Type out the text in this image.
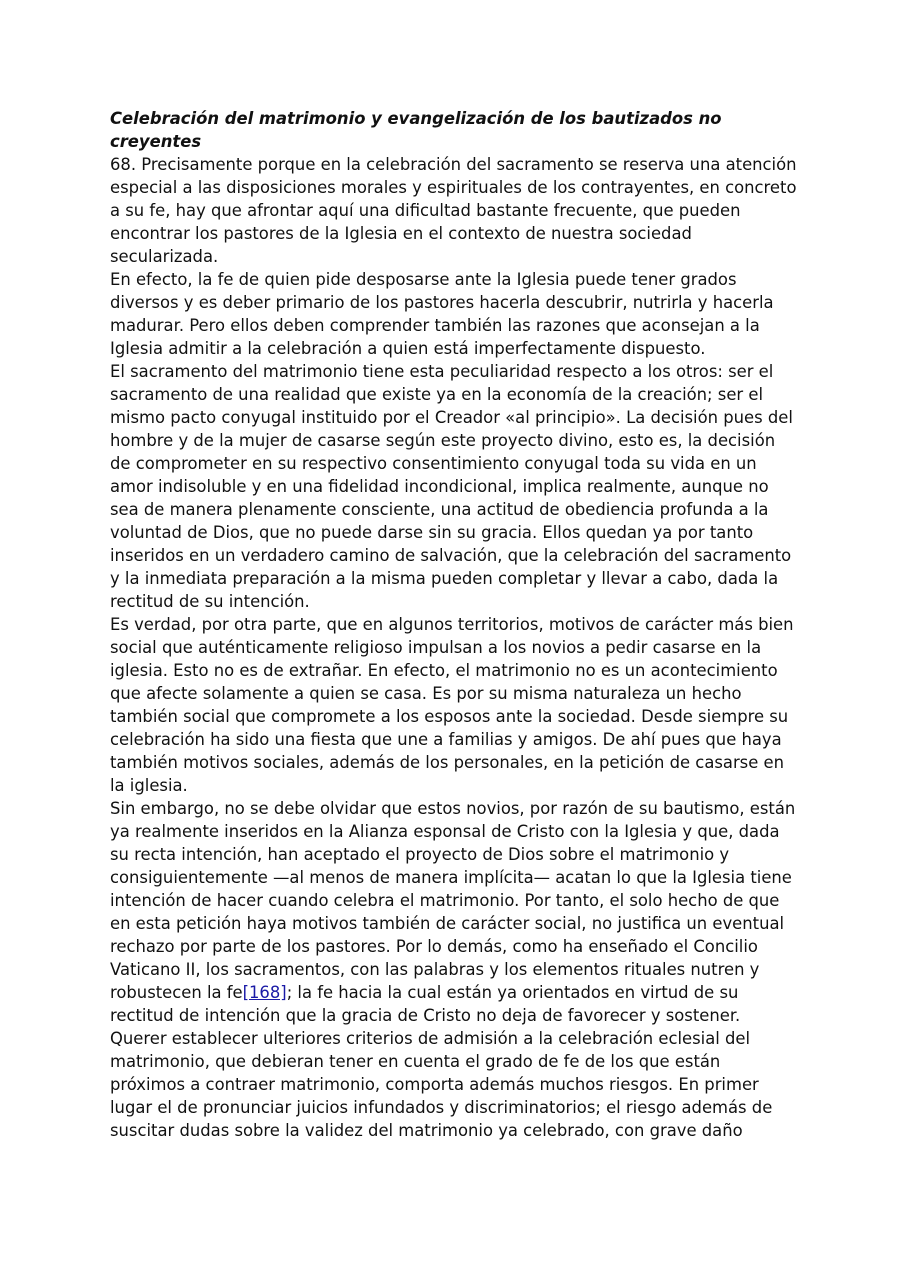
Celebración del matrimonio y evangelización de los bautizados no creyentes

68. Precisamente porque en la celebración del sacramento se reserva una atención especial a las disposiciones morales y espirituales de los contrayentes, en concreto a su fe, hay que afrontar aquí una dificultad bastante frecuente, que pueden encontrar los pastores de la Iglesia en el contexto de nuestra sociedad secularizada.

En efecto, la fe de quien pide desposarse ante la Iglesia puede tener grados diversos y es deber primario de los pastores hacerla descubrir, nutrirla y hacerla madurar. Pero ellos deben comprender también las razones que aconsejan a la Iglesia admitir a la celebración a quien está imperfectamente dispuesto.

El sacramento del matrimonio tiene esta peculiaridad respecto a los otros: ser el sacramento de una realidad que existe ya en la economía de la creación; ser el mismo pacto conyugal instituido por el Creador «al principio». La decisión pues del hombre y de la mujer de casarse según este proyecto divino, esto es, la decisión de comprometer en su respectivo consentimiento conyugal toda su vida en un amor indisoluble y en una fidelidad incondicional, implica realmente, aunque no sea de manera plenamente consciente, una actitud de obediencia profunda a la voluntad de Dios, que no puede darse sin su gracia. Ellos quedan ya por tanto inseridos en un verdadero camino de salvación, que la celebración del sacramento y la inmediata preparación a la misma pueden completar y llevar a cabo, dada la rectitud de su intención.

Es verdad, por otra parte, que en algunos territorios, motivos de carácter más bien social que auténticamente religioso impulsan a los novios a pedir casarse en la iglesia. Esto no es de extrañar. En efecto, el matrimonio no es un acontecimiento que afecte solamente a quien se casa. Es por su misma naturaleza un hecho también social que compromete a los esposos ante la sociedad. Desde siempre su celebración ha sido una fiesta que une a familias y amigos. De ahí pues que haya también motivos sociales, además de los personales, en la petición de casarse en la iglesia.

Sin embargo, no se debe olvidar que estos novios, por razón de su bautismo, están ya realmente inseridos en la Alianza esponsal de Cristo con la Iglesia y que, dada su recta intención, han aceptado el proyecto de Dios sobre el matrimonio y consiguientemente —al menos de manera implícita— acatan lo que la Iglesia tiene intención de hacer cuando celebra el matrimonio. Por tanto, el solo hecho de que en esta petición haya motivos también de carácter social, no justifica un eventual rechazo por parte de los pastores. Por lo demás, como ha enseñado el Concilio Vaticano II, los sacramentos, con las palabras y los elementos rituales nutren y robustecen la fe[168]; la fe hacia la cual están ya orientados en virtud de su rectitud de intención que la gracia de Cristo no deja de favorecer y sostener.

Querer establecer ulteriores criterios de admisión a la celebración eclesial del matrimonio, que debieran tener en cuenta el grado de fe de los que están próximos a contraer matrimonio, comporta además muchos riesgos. En primer lugar el de pronunciar juicios infundados y discriminatorios; el riesgo además de suscitar dudas sobre la validez del matrimonio ya celebrado, con grave daño
